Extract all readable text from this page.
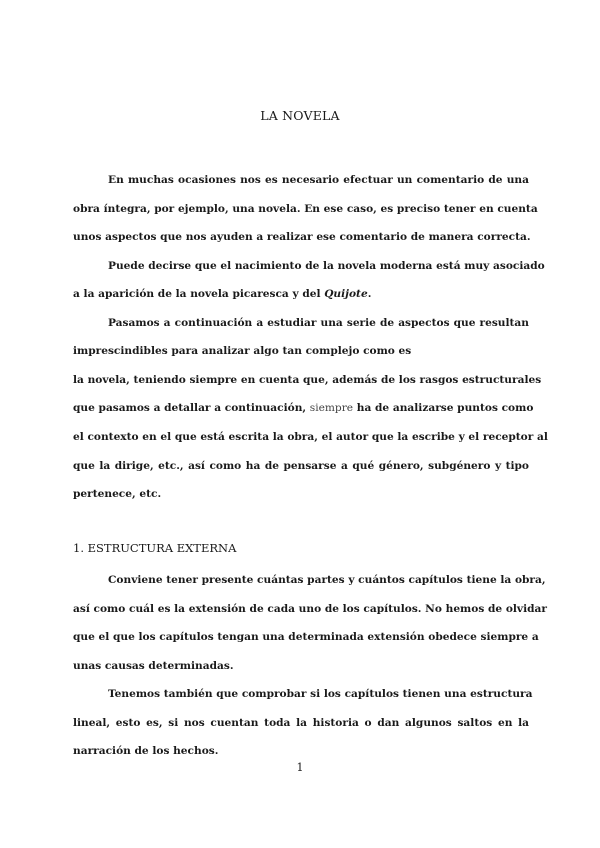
LA NOVELA
En muchas ocasiones nos es necesario efectuar un comentario de una
obra íntegra, por ejemplo, una novela. En ese caso, es preciso tener en cuenta
unos aspectos que nos ayuden a realizar ese comentario de manera correcta.
Puede decirse que el nacimiento de la novela moderna está muy asociado
a la aparición de la novela picaresca y del Quijote.
Pasamos a continuación a estudiar una serie de aspectos que resultan
imprescindibles para analizar algo tan complejo como es
la novela, teniendo siempre en cuenta que, además de los rasgos estructurales
que pasamos a detallar a continuación, siempre ha de analizarse puntos como
el contexto en el que está escrita la obra, el autor que la escribe y el receptor al
que la dirige, etc., así como ha de pensarse a qué género, subgénero y tipo
pertenece, etc.
1. ESTRUCTURA EXTERNA
Conviene tener presente cuántas partes y cuántos capítulos tiene la obra,
así como cuál es la extensión de cada uno de los capítulos. No hemos de olvidar
que el que los capítulos tengan una determinada extensión obedece siempre a
unas causas determinadas.
Tenemos también que comprobar si los capítulos tienen una estructura
lineal, esto es, si nos cuentan toda la historia o dan algunos saltos en la
narración de los hechos.
1
